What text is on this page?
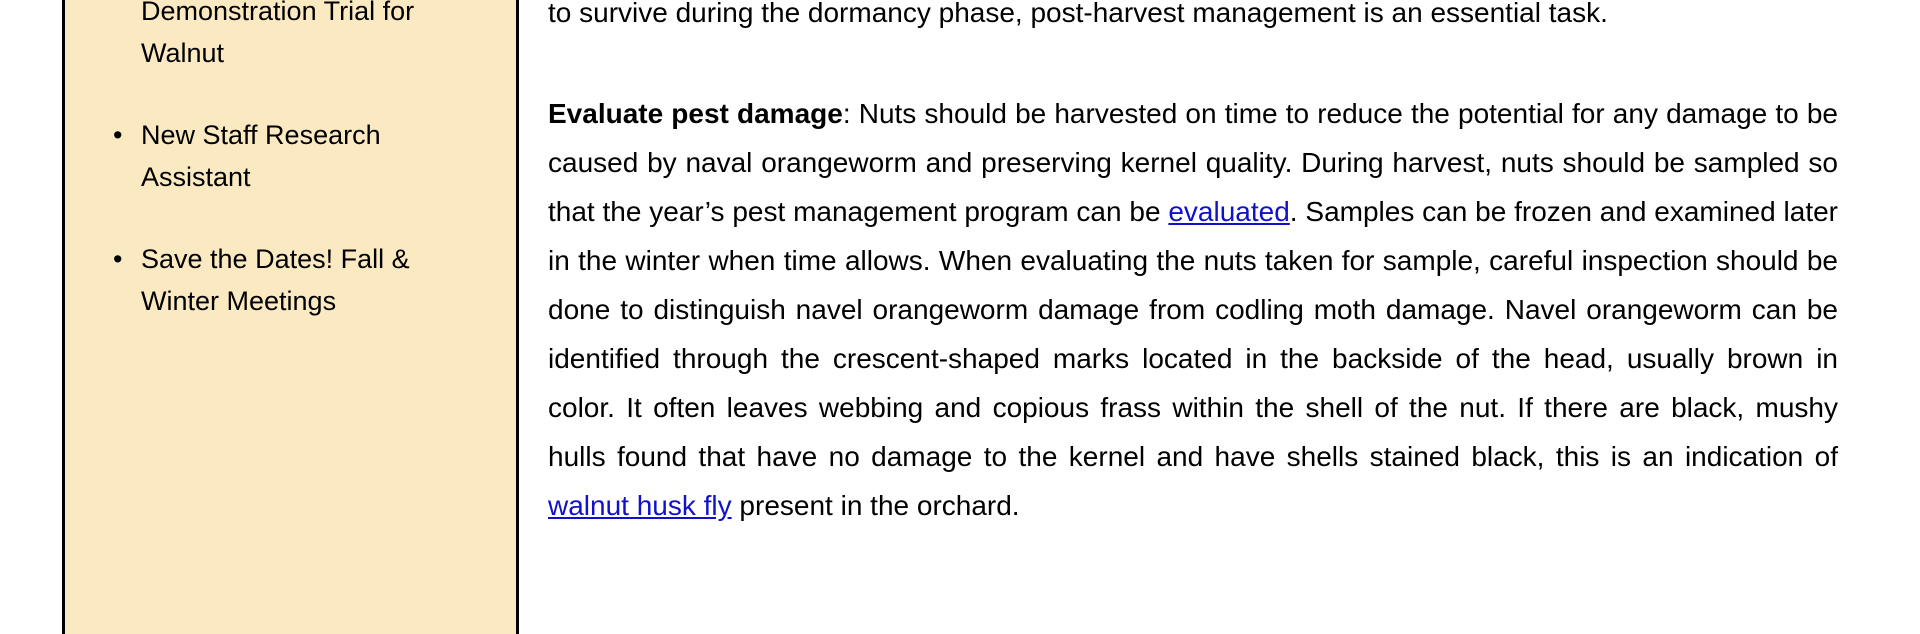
Demonstration Trial for Walnut
• New Staff Research Assistant
• Save the Dates! Fall & Winter Meetings

to survive during the dormancy phase, post-harvest management is an essential task.

Evaluate pest damage: Nuts should be harvested on time to reduce the potential for any damage to be caused by naval orangeworm and preserving kernel quality. During harvest, nuts should be sampled so that the year’s pest management program can be evaluated. Samples can be frozen and examined later in the winter when time allows. When evaluating the nuts taken for sample, careful inspection should be done to distinguish navel orangeworm damage from codling moth damage. Navel orangeworm can be identified through the crescent-shaped marks located in the backside of the head, usually brown in color. It often leaves webbing and copious frass within the shell of the nut. If there are black, mushy hulls found that have no damage to the kernel and have shells stained black, this is an indication of walnut husk fly present in the orchard.
